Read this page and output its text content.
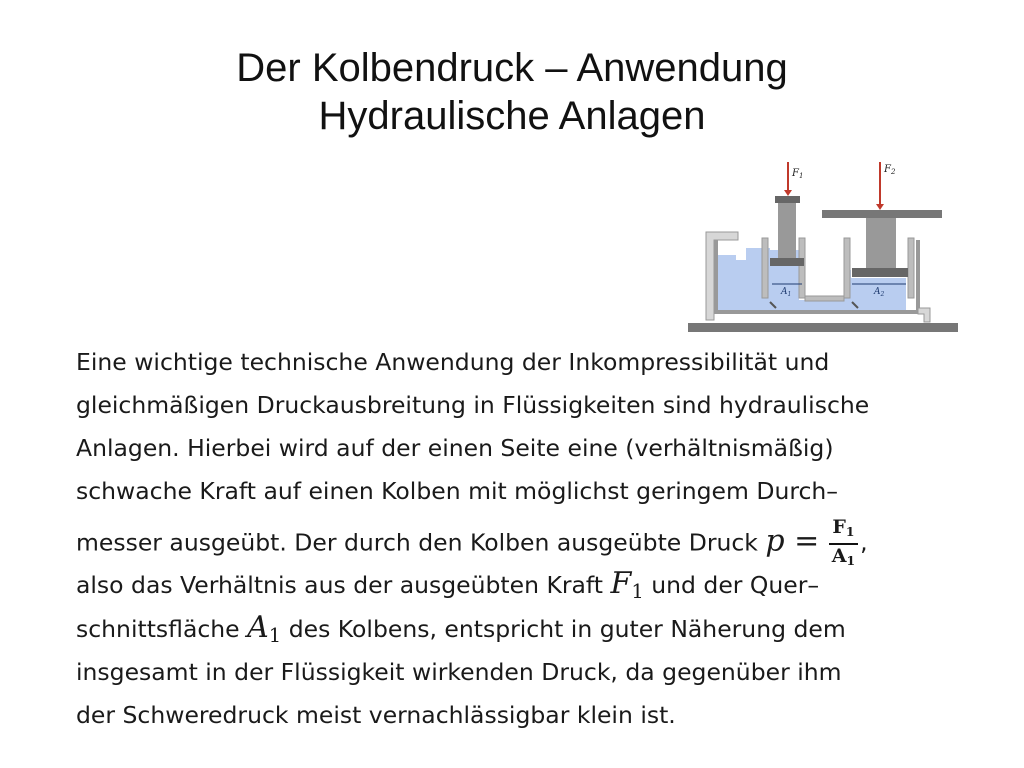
Der Kolbendruck – Anwendung
Hydraulische Anlagen
$F_1$
$F_2$
$A_1$	$A_2$
Eine wichtige technische Anwendung der Inkompressibilität und
gleichmäßigen Druckausbreitung in Flüssigkeiten sind hydraulische
Anlagen. Hierbei wird auf der einen Seite eine (verhältnismäßig)
schwache Kraft auf einen Kolben mit möglichst geringem Durch–
messer ausgeübt. Der durch den Kolben ausgeübte Druck $p = \frac{F_1}{A_1}$ ,
also das Verhältnis aus der ausgeübten Kraft $F_1$ und der Quer–
schnittsfläche $A_1$ des Kolbens, entspricht in guter Näherung dem
insgesamt in der Flüssigkeit wirkenden Druck, da gegenüber ihm
der Schweredruck meist vernachlässigbar klein ist.
